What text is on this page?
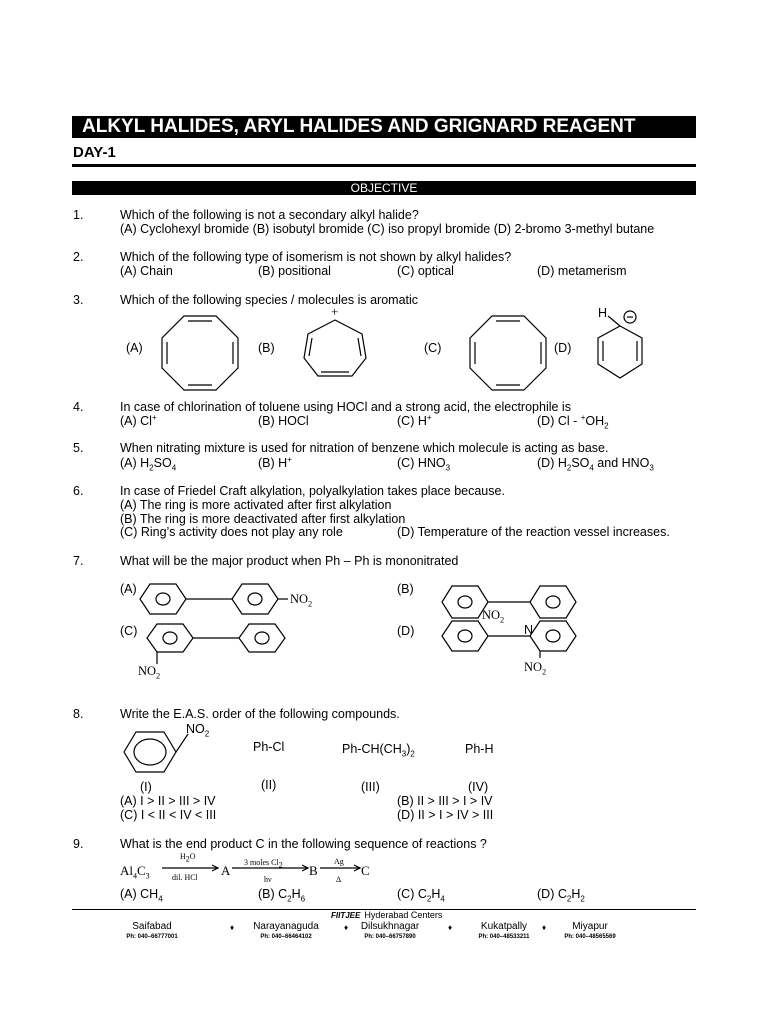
ALKYL HALIDES, ARYL HALIDES AND GRIGNARD REAGENT
DAY-1
OBJECTIVE
1.	Which of the following is not a secondary alkyl halide?
(A) Cyclohexyl bromide (B) isobutyl bromide (C) iso propyl bromide (D) 2-bromo 3-methyl butane
2.	Which of the following type of isomerism is not shown by alkyl halides?
(A) Chain	(B) positional	(C) optical	(D) metamerism
3.	Which of the following species / molecules is aromatic
(A)	(B)	(C)	(D)
+	H
4.	In case of chlorination of toluene using HOCl and a strong acid, the electrophile is
(A) Cl+	(B) HOCl	(C) H+	(D) Cl - $^+OH_2$
5.	When nitrating mixture is used for nitration of benzene which molecule is acting as base.
(A) $H_2SO_4$	(B) H+	(C) $HNO_3$	(D) $H_2SO_4$ and $HNO_3$
6.	In case of Friedel Craft alkylation, polyalkylation takes place because.
(A) The ring is more activated after first alkylation
(B) The ring is more deactivated after first alkylation
(C) Ring’s activity does not play any role	(D) Temperature of the reaction vessel increases.
7.	What will be the major product when Ph – Ph is mononitrated
(A)	(B)
(C)	(D)
$NO_2$
$NO_2$
$NO_2$
N
$NO_2$
8.	Write the E.A.S. order of the following compounds.
$NO_2$
Ph-Cl	$Ph-CH(CH_3)_2$	Ph-H
(I)	(II)	(III)	(IV)
(A) I > II > III > IV	(B) II > III > I > IV
(C) I < II < IV < III	(D) II > I > IV > III
9.	What is the end product C in the following sequence of reactions ?
$Al_4C_3$
$H_2O$
dil. HCl A
3 moles $Cl_2$
hν
B
Ag
Δ
C
(A) $CH_4$	(B) $C_2H_6$	(C) $C_2H_4$	(D) $C_2H_2$
FIITJEE Hyderabad Centers
Saifabad
Ph: 040–66777001
♦	Narayanaguda
Ph: 040–66464102
♦	Dilsukhnagar
Ph: 040–66757890
♦	Kukatpally
Ph: 040–48533211
♦	Miyapur
Ph: 040–48565569
